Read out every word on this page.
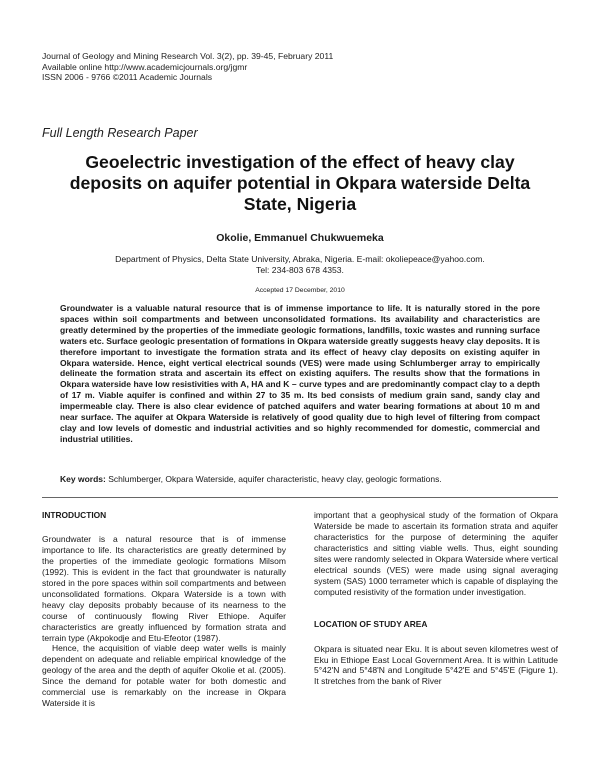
Journal of Geology and Mining Research Vol. 3(2), pp. 39-45, February 2011
Available online http://www.academicjournals.org/jgmr
ISSN 2006 - 9766 ©2011 Academic Journals
Full Length Research Paper
Geoelectric investigation of the effect of heavy clay deposits on aquifer potential in Okpara waterside Delta State, Nigeria
Okolie, Emmanuel Chukwuemeka
Department of Physics, Delta State University, Abraka, Nigeria. E-mail: okoliepeace@yahoo.com.
Tel: 234-803 678 4353.
Accepted 17 December, 2010
Groundwater is a valuable natural resource that is of immense importance to life. It is naturally stored in the pore spaces within soil compartments and between unconsolidated formations. Its availability and characteristics are greatly determined by the properties of the immediate geologic formations, landfills, toxic wastes and running surface waters etc. Surface geologic presentation of formations in Okpara waterside greatly suggests heavy clay deposits. It is therefore important to investigate the formation strata and its effect of heavy clay deposits on existing aquifer in Okpara waterside. Hence, eight vertical electrical sounds (VES) were made using Schlumberger array to empirically delineate the formation strata and ascertain its effect on existing aquifers. The results show that the formations in Okpara waterside have low resistivities with A, HA and K – curve types and are predominantly compact clay to a depth of 17 m. Viable aquifer is confined and within 27 to 35 m. Its bed consists of medium grain sand, sandy clay and impermeable clay. There is also clear evidence of patched aquifers and water bearing formations at about 10 m and near surface. The aquifer at Okpara Waterside is relatively of good quality due to high level of filtering from compact clay and low levels of domestic and industrial activities and so highly recommended for domestic, commercial and industrial utilities.
Key words: Schlumberger, Okpara Waterside, aquifer characteristic, heavy clay, geologic formations.
INTRODUCTION

Groundwater is a natural resource that is of immense importance to life. Its characteristics are greatly determined by the properties of the immediate geologic formations Milsom (1992). This is evident in the fact that groundwater is naturally stored in the pore spaces within soil compartments and between unconsolidated formations. Okpara Waterside is a town with heavy clay deposits probably because of its nearness to the course of continuously flowing River Ethiope. Aquifer characteristics are greatly influenced by formation strata and terrain type (Akpokodje and Etu-Efeotor (1987).

Hence, the acquisition of viable deep water wells is mainly dependent on adequate and reliable empirical knowledge of the geology of the area and the depth of aquifer Okolie et al. (2005). Since the demand for potable water for both domestic and commercial use is remarkably on the increase in Okpara Waterside it is

important that a geophysical study of the formation of Okpara Waterside be made to ascertain its formation strata and aquifer characteristics for the purpose of determining the aquifer characteristics and sitting viable wells. Thus, eight sounding sites were randomly selected in Okpara Waterside where vertical electrical sounds (VES) were made using signal averaging system (SAS) 1000 terrameter which is capable of displaying the computed resistivity of the formation under investigation.

LOCATION OF STUDY AREA

Okpara is situated near Eku. It is about seven kilometres west of Eku in Ethiope East Local Government Area. It is within Latitude 5°42'N and 5°48'N and Longitude 5°42'E and 5°45'E (Figure 1). It stretches from the bank of River
